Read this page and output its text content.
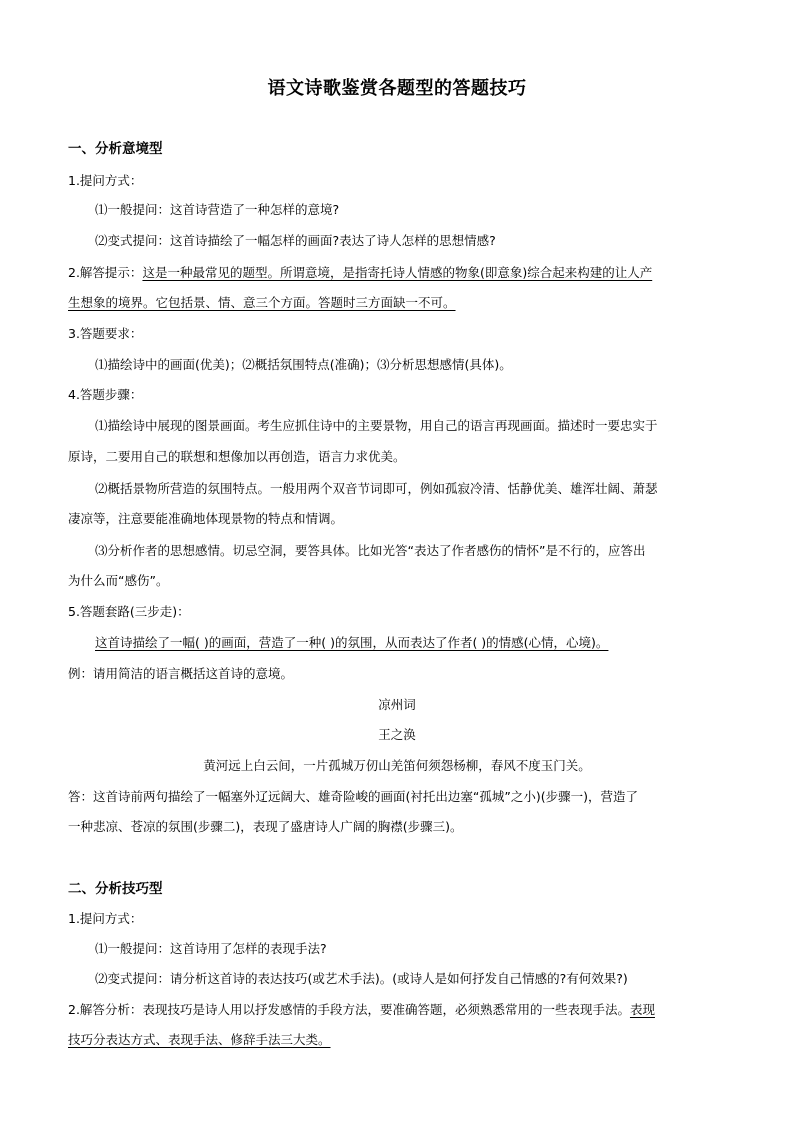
语文诗歌鉴赏各题型的答题技巧
一、分析意境型
1.提问方式：
⑴一般提问：这首诗营造了一种怎样的意境?
⑵变式提问：这首诗描绘了一幅怎样的画面?表达了诗人怎样的思想情感?
2.解答提示：这是一种最常见的题型。所谓意境，是指寄托诗人情感的物象(即意象)综合起来构建的让人产
生想象的境界。它包括景、情、意三个方面。答题时三方面缺一不可。
3.答题要求：
⑴描绘诗中的画面(优美)；⑵概括氛围特点(准确)；⑶分析思想感情(具体)。
4.答题步骤：
⑴描绘诗中展现的图景画面。考生应抓住诗中的主要景物，用自己的语言再现画面。描述时一要忠实于
原诗，二要用自己的联想和想像加以再创造，语言力求优美。
⑵概括景物所营造的氛围特点。一般用两个双音节词即可，例如孤寂冷清、恬静优美、雄浑壮阔、萧瑟
凄凉等，注意要能准确地体现景物的特点和情调。
⑶分析作者的思想感情。切忌空洞，要答具体。比如光答“表达了作者感伤的情怀”是不行的，应答出
为什么而“感伤”。
5.答题套路(三步走)：
这首诗描绘了一幅( )的画面，营造了一种( )的氛围，从而表达了作者( )的情感(心情，心境)。
例：请用简洁的语言概括这首诗的意境。
凉州词
王之涣
黄河远上白云间，一片孤城万仞山羌笛何须怨杨柳，春风不度玉门关。
答：这首诗前两句描绘了一幅塞外辽远阔大、雄奇险峻的画面(衬托出边塞“孤城”之小)(步骤一)，营造了
一种悲凉、苍凉的氛围(步骤二)，表现了盛唐诗人广阔的胸襟(步骤三)。
二、分析技巧型
1.提问方式：
⑴一般提问：这首诗用了怎样的表现手法?
⑵变式提问：请分析这首诗的表达技巧(或艺术手法)。(或诗人是如何抒发自己情感的?有何效果?)
2.解答分析：表现技巧是诗人用以抒发感情的手段方法，要准确答题，必须熟悉常用的一些表现手法。表现
技巧分表达方式、表现手法、修辞手法三大类。
